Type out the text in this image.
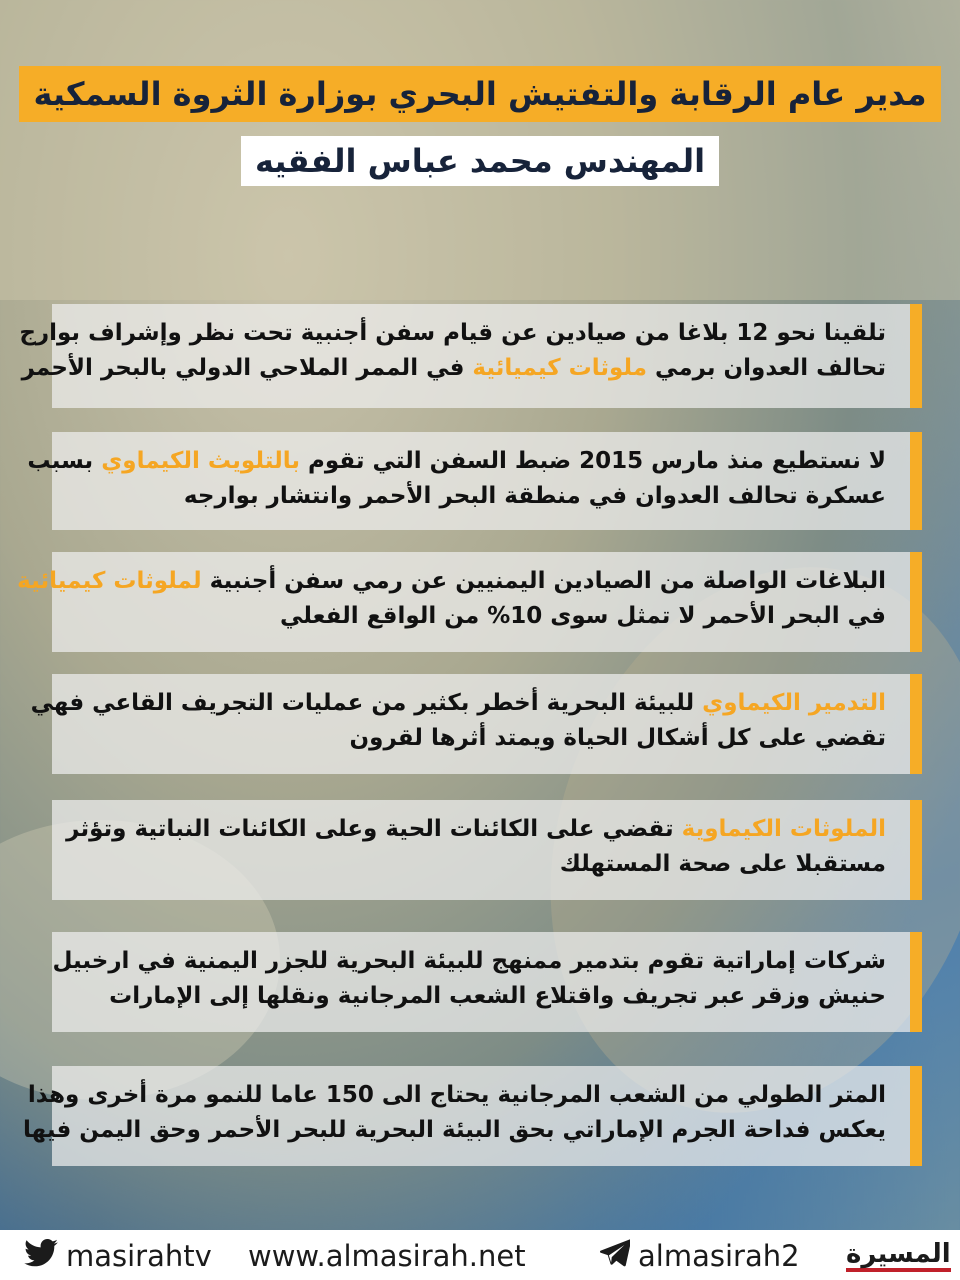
مدير عام الرقابة والتفتيش البحري بوزارة الثروة السمكية
المهندس محمد عباس الفقيه
تلقينا نحو 12 بلاغا من صيادين عن قيام سفن أجنبية تحت نظر وإشراف بوارج
تحالف العدوان برمي ملوثات كيميائية في الممر الملاحي الدولي بالبحر الأحمر
لا نستطيع منذ مارس 2015 ضبط السفن التي تقوم بالتلويث الكيماوي بسبب
عسكرة تحالف العدوان في منطقة البحر الأحمر وانتشار بوارجه
البلاغات الواصلة من الصيادين اليمنيين عن رمي سفن أجنبية لملوثات كيميائية
في البحر الأحمر لا تمثل سوى 10% من الواقع الفعلي
التدمير الكيماوي للبيئة البحرية أخطر بكثير من عمليات التجريف القاعي فهي
تقضي على كل أشكال الحياة ويمتد أثرها لقرون
الملوثات الكيماوية تقضي على الكائنات الحية وعلى الكائنات النباتية وتؤثر
مستقبلا على صحة المستهلك
شركات إماراتية تقوم بتدمير ممنهج للبيئة البحرية للجزر اليمنية في ارخبيل
حنيش وزقر عبر تجريف واقتلاع الشعب المرجانية ونقلها إلى الإمارات
المتر الطولي من الشعب المرجانية يحتاج الى 150 عاما للنمو مرة أخرى وهذا
يعكس فداحة الجرم الإماراتي بحق البيئة البحرية للبحر الأحمر وحق اليمن فيها
masirahtv www.almasirah.net	almasirah2 المسيرة
